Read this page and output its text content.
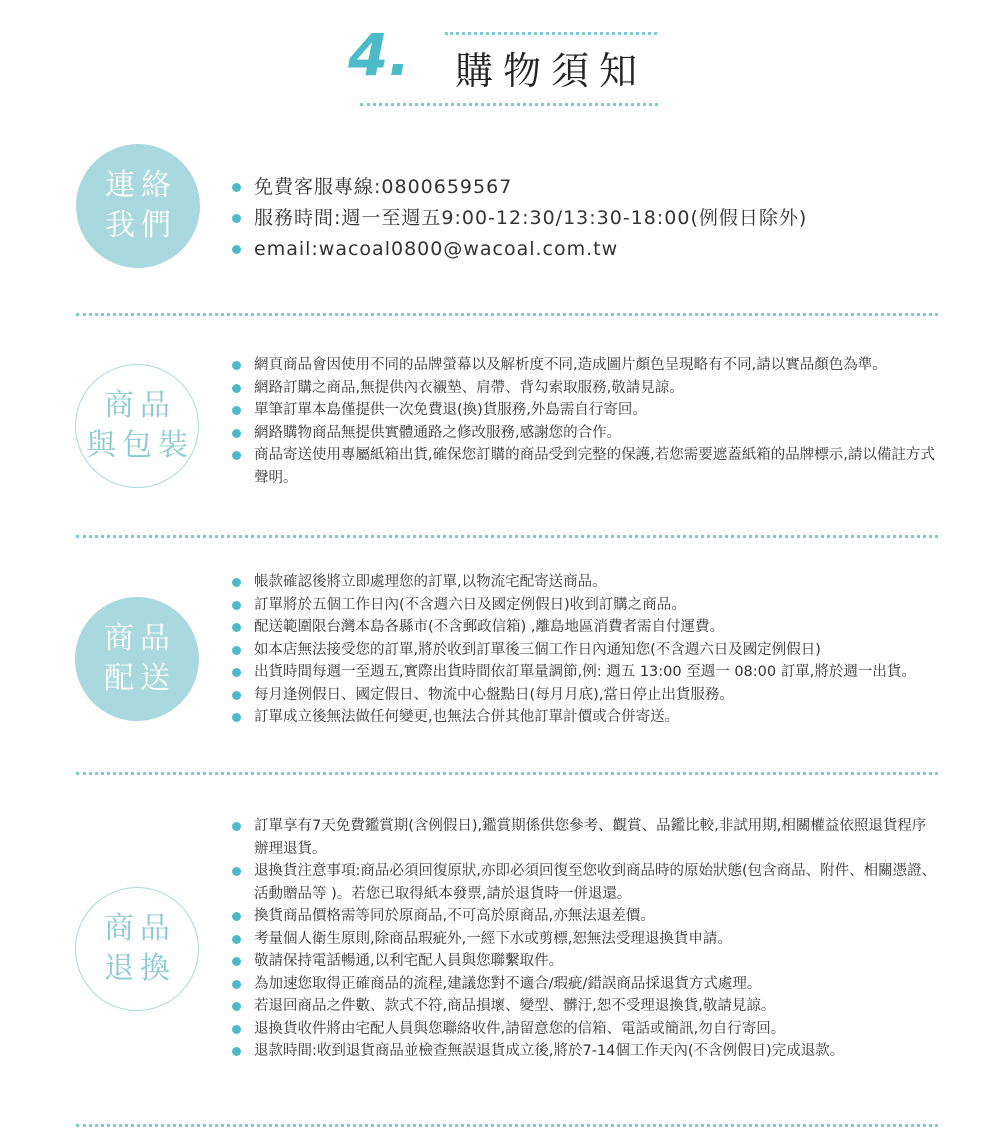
4. 購物須知
連絡
我們
免費客服專線:0800659567
服務時間:週一至週五9:00-12:30/13:30-18:00(例假日除外)
email:wacoal0800@wacoal.com.tw
商品
與包裝
網頁商品會因使用不同的品牌螢幕以及解析度不同,造成圖片顏色呈現略有不同,請以實品顏色為準。
網路訂購之商品,無提供內衣襯墊、肩帶、背勾索取服務,敬請見諒。
單筆訂單本島僅提供一次免費退(換)貨服務,外島需自行寄回。
網路購物商品無提供實體通路之修改服務,感謝您的合作。
商品寄送使用專屬紙箱出貨,確保您訂購的商品受到完整的保護,若您需要遮蓋紙箱的品牌標示,請以備註方式聲明。
商品
配送
帳款確認後將立即處理您的訂單,以物流宅配寄送商品。
訂單將於五個工作日內(不含週六日及國定例假日)收到訂購之商品。
配送範圍限台灣本島各縣市(不含郵政信箱) ,離島地區消費者需自付運費。
如本店無法接受您的訂單,將於收到訂單後三個工作日內通知您(不含週六日及國定例假日)
出貨時間每週一至週五,實際出貨時間依訂單量調節,例: 週五 13:00 至週一 08:00 訂單,將於週一出貨。
每月逢例假日、國定假日、物流中心盤點日(每月月底),當日停止出貨服務。
訂單成立後無法做任何變更,也無法合併其他訂單計價或合併寄送。
商品
退換
訂單享有7天免費鑑賞期(含例假日),鑑賞期係供您參考、觀賞、品鑑比較,非試用期,相關權益依照退貨程序辦理退貨。
退換貨注意事項:商品必須回復原狀,亦即必須回復至您收到商品時的原始狀態(包含商品、附件、相關憑證、活動贈品等 )。若您已取得紙本發票,請於退貨時一併退還。
換貨商品價格需等同於原商品,不可高於原商品,亦無法退差價。
考量個人衛生原則,除商品瑕疵外,一經下水或剪標,恕無法受理退換貨申請。
敬請保持電話暢通,以利宅配人員與您聯繫取件。
為加速您取得正確商品的流程,建議您對不適合/瑕疵/錯誤商品採退貨方式處理。
若退回商品之件數、款式不符,商品損壞、變型、髒汙,恕不受理退換貨,敬請見諒。
退換貨收件將由宅配人員與您聯絡收件,請留意您的信箱、電話或簡訊,勿自行寄回。
退款時間:收到退貨商品並檢查無誤退貨成立後,將於7-14個工作天內(不含例假日)完成退款。
